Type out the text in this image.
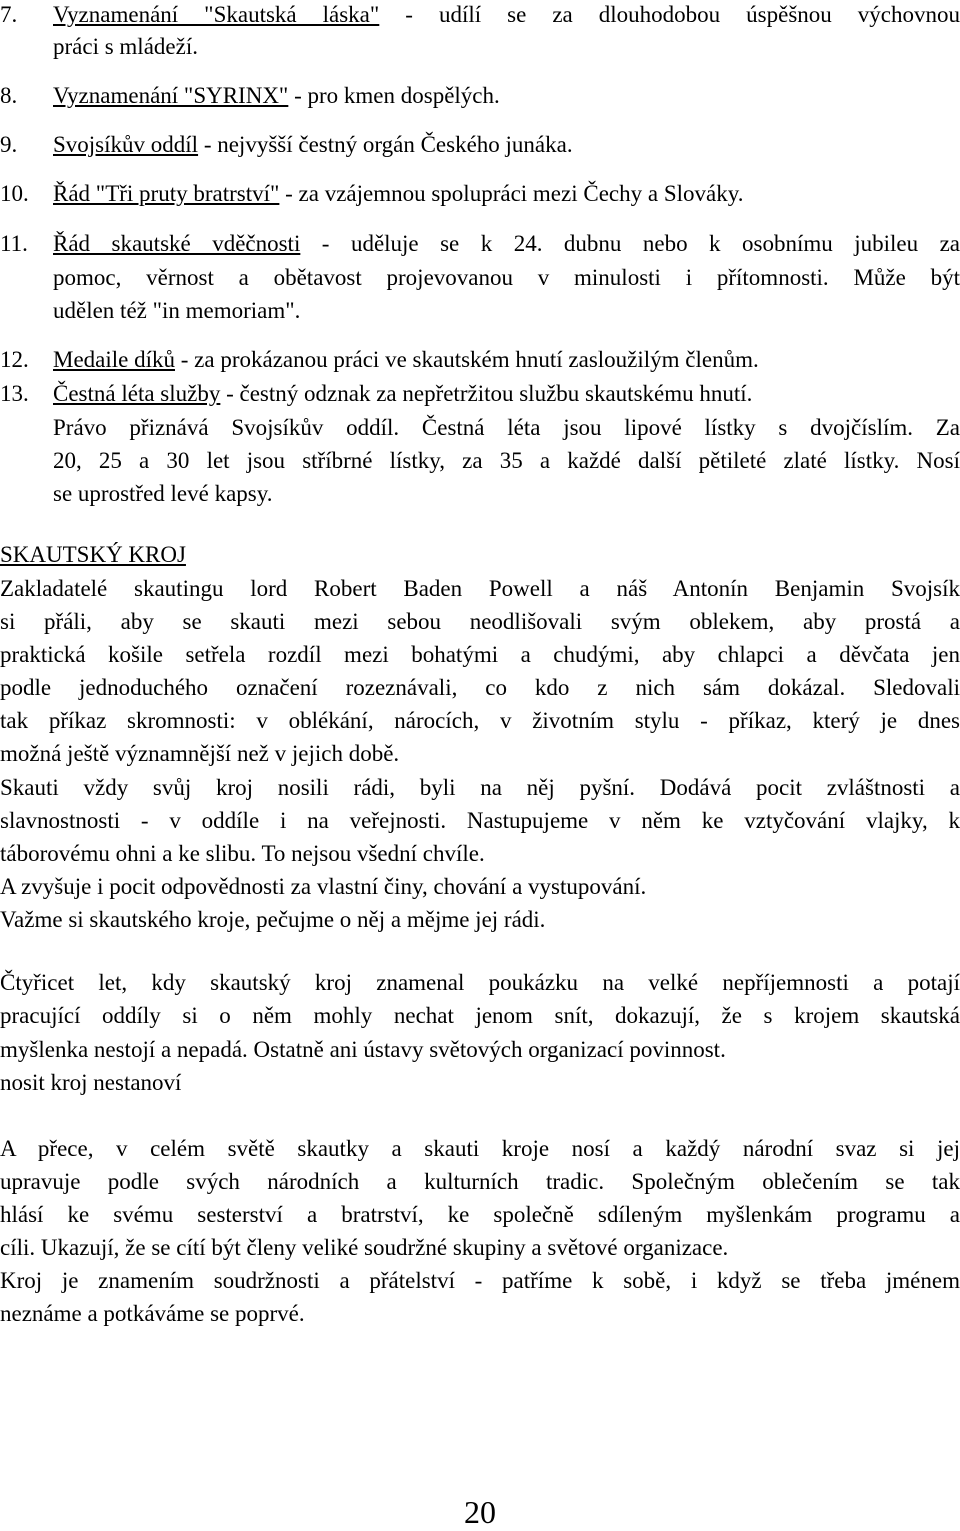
7. Vyznamenání "Skautská láska" - udílí se za dlouhodobou úspěšnou výchovnou
práci s mládeží.
8. Vyznamenání "SYRINX" - pro kmen dospělých.
9. Svojsíkův oddíl - nejvyšší čestný orgán Českého junáka.
10. Řád "Tři pruty bratrství" - za vzájemnou spolupráci mezi Čechy a Slováky.
11. Řád skautské vděčnosti - uděluje se k 24. dubnu nebo k osobnímu jubileu za
pomoc, věrnost a obětavost projevovanou v minulosti i přítomnosti. Může být
udělen též "in memoriam".
12. Medaile díků - za prokázanou práci ve skautském hnutí zasloužilým členům.
13. Čestná léta služby - čestný odznak za nepřetržitou službu skautskému hnutí.
Právo přiznává Svojsíkův oddíl. Čestná léta jsou lipové lístky s dvojčíslím. Za
20, 25 a 30 let jsou stříbrné lístky, za 35 a každé další pětileté zlaté lístky. Nosí
se uprostřed levé kapsy.
SKAUTSKÝ KROJ
Zakladatelé skautingu lord Robert Baden Powell a náš Antonín Benjamin Svojsík
si přáli, aby se skauti mezi sebou neodlišovali svým oblekem, aby prostá a
praktická košile setřela rozdíl mezi bohatými a chudými, aby chlapci a děvčata jen
podle jednoduchého označení rozeznávali, co kdo z nich sám dokázal. Sledovali
tak příkaz skromnosti: v oblékání, nárocích, v životním stylu - příkaz, který je dnes
možná ještě významnější než v jejich době.
Skauti vždy svůj kroj nosili rádi, byli na něj pyšní. Dodává pocit zvláštnosti a
slavnostnosti - v oddíle i na veřejnosti. Nastupujeme v něm ke vztyčování vlajky, k
táborovému ohni a ke slibu. To nejsou všední chvíle.
A zvyšuje i pocit odpovědnosti za vlastní činy, chování a vystupování.
Važme si skautského kroje, pečujme o něj a mějme jej rádi.
Čtyřicet let, kdy skautský kroj znamenal poukázku na velké nepříjemnosti a potají
pracující oddíly si o něm mohly nechat jenom snít, dokazují, že s krojem skautská
myšlenka nestojí a nepadá. Ostatně ani ústavy světových organizací povinnost.
nosit kroj nestanoví
A přece, v celém světě skautky a skauti kroje nosí a každý národní svaz si jej
upravuje podle svých národních a kulturních tradic. Společným oblečením se tak
hlásí ke svému sesterství a bratrství, ke společně sdíleným myšlenkám programu a
cíli. Ukazují, že se cítí být členy veliké soudržné skupiny a světové organizace.
Kroj je znamením soudržnosti a přátelství - patříme k sobě, i když se třeba jménem
neznáme a potkáváme se poprvé.
20
